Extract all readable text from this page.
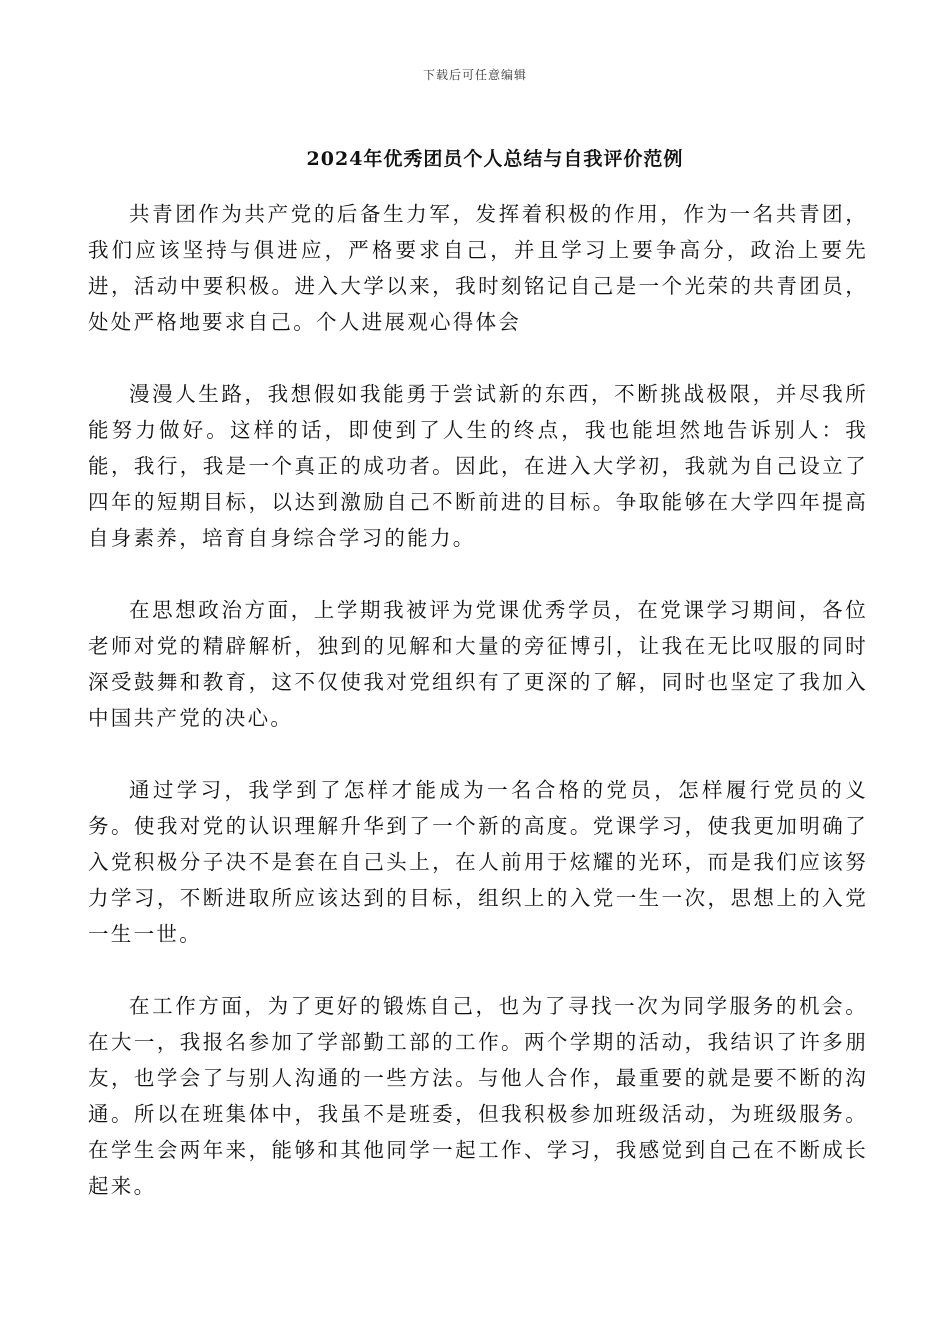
下载后可任意编辑
2024年优秀团员个人总结与自我评价范例

共青团作为共产党的后备生力军，发挥着积极的作用，作为一名共青团，我们应该坚持与俱进应，严格要求自己，并且学习上要争高分，政治上要先进，活动中要积极。进入大学以来，我时刻铭记自己是一个光荣的共青团员，处处严格地要求自己。个人进展观心得体会

漫漫人生路，我想假如我能勇于尝试新的东西，不断挑战极限，并尽我所能努力做好。这样的话，即使到了人生的终点，我也能坦然地告诉别人：我能，我行，我是一个真正的成功者。因此，在进入大学初，我就为自己设立了四年的短期目标，以达到激励自己不断前进的目标。争取能够在大学四年提高自身素养，培育自身综合学习的能力。

在思想政治方面，上学期我被评为党课优秀学员，在党课学习期间，各位老师对党的精辟解析，独到的见解和大量的旁征博引，让我在无比叹服的同时深受鼓舞和教育，这不仅使我对党组织有了更深的了解，同时也坚定了我加入中国共产党的决心。

通过学习，我学到了怎样才能成为一名合格的党员，怎样履行党员的义务。使我对党的认识理解升华到了一个新的高度。党课学习，使我更加明确了入党积极分子决不是套在自己头上，在人前用于炫耀的光环，而是我们应该努力学习，不断进取所应该达到的目标，组织上的入党一生一次，思想上的入党一生一世。

在工作方面，为了更好的锻炼自己，也为了寻找一次为同学服务的机会。在大一，我报名参加了学部勤工部的工作。两个学期的活动，我结识了许多朋友，也学会了与别人沟通的一些方法。与他人合作，最重要的就是要不断的沟通。所以在班集体中，我虽不是班委，但我积极参加班级活动，为班级服务。在学生会两年来，能够和其他同学一起工作、学习，我感觉到自己在不断成长起来。
